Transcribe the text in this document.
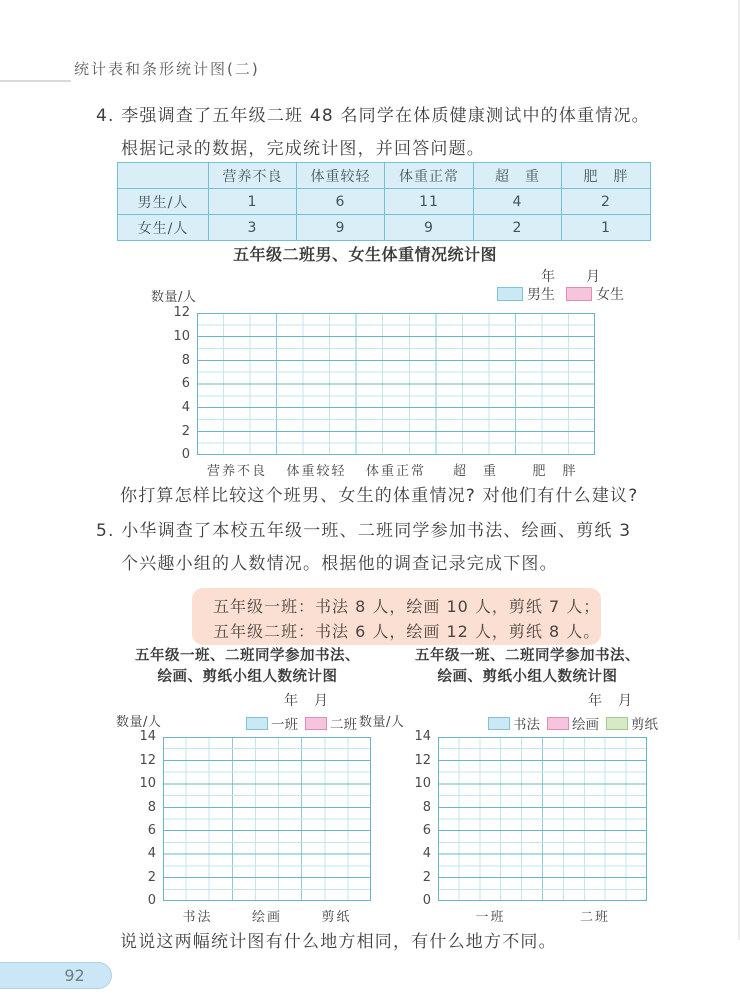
统计表和条形统计图(二)
4. 李强调查了五年级二班 48 名同学在体质健康测试中的体重情况。
根据记录的数据，完成统计图，并回答问题。
	营养不良	体重较轻	体重正常	超　重	肥　胖
男生/人	1	6	11	4	2
女生/人	3	9	9	2	1
五年级二班男、女生体重情况统计图
年　　月
数量/人	男生	女生
0
2
4
6
8
10
12
营养不良 体重较轻 体重正常 超　重	肥　胖
你打算怎样比较这个班男、女生的体重情况? 对他们有什么建议?
5. 小华调查了本校五年级一班、二班同学参加书法、绘画、剪纸 3
个兴趣小组的人数情况。根据他的调查记录完成下图。
五年级一班：书法 8 人，绘画 10 人，剪纸 7 人；
五年级二班：书法 6 人，绘画 12 人，剪纸 8 人。
五年级一班、二班同学参加书法、
绘画、剪纸小组人数统计图
年　月
数量/人	一班 二班
0
2
4
6
8
10
12
14
书法	绘画	剪纸
五年级一班、二班同学参加书法、
绘画、剪纸小组人数统计图
年　月
数量/人	书法 绘画 剪纸
0
2
4
6
8
10
12
14
一班	二班
说说这两幅统计图有什么地方相同，有什么地方不同。
92
